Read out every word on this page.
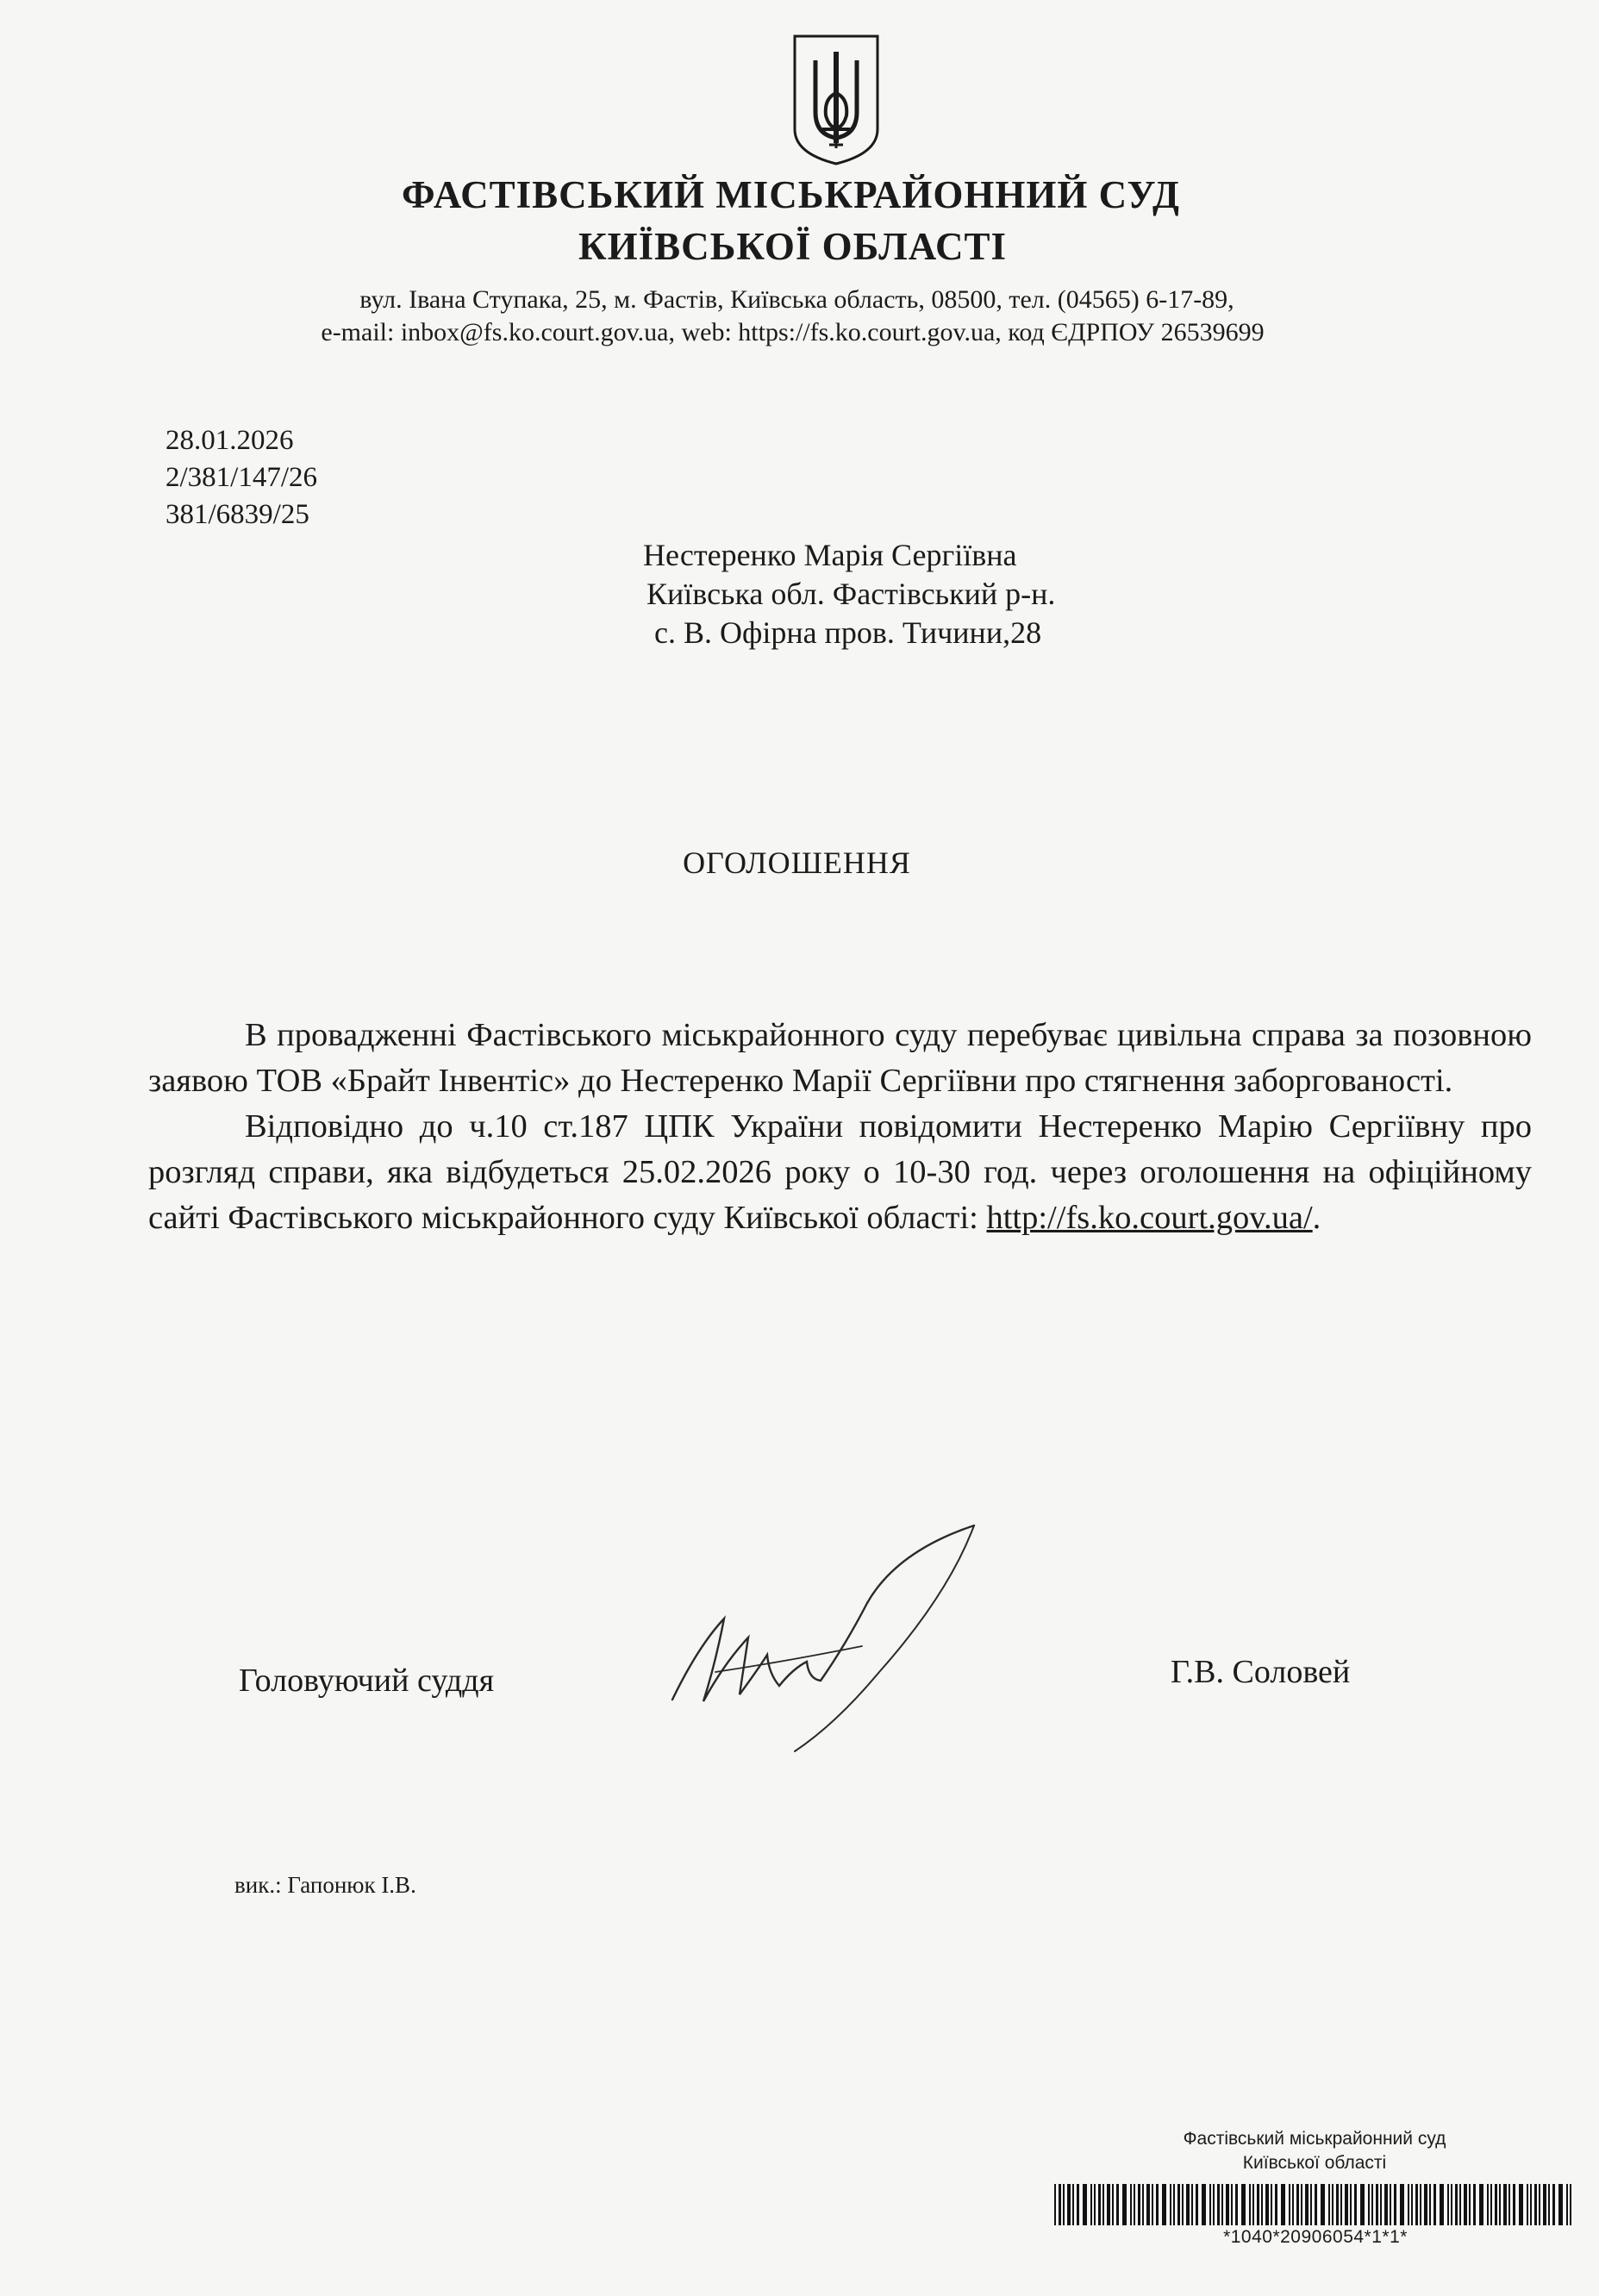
ФАСТІВСЬКИЙ МІСЬКРАЙОННИЙ СУД
КИЇВСЬКОЇ ОБЛАСТІ
вул. Івана Ступака, 25, м. Фастів, Київська область, 08500, тел. (04565) 6-17-89,
e-mail: inbox@fs.ko.court.gov.ua, web: https://fs.ko.court.gov.ua, код ЄДРПОУ 26539699
28.01.2026
2/381/147/26
381/6839/25
Нестеренко Марія Сергіївна
Київська обл. Фастівський р-н.
с. В. Офірна пров. Тичини,28
ОГОЛОШЕННЯ

В провадженні Фастівського міськрайонного суду перебуває цивільна справа за позовною заявою ТОВ «Брайт Інвентіс» до Нестеренко Марії Сергіївни про стягнення заборгованості.

Відповідно до ч.10 ст.187 ЦПК України повідомити Нестеренко Марію Сергіївну про розгляд справи, яка відбудеться 25.02.2026 року о 10-30 год. через оголошення на офіційному сайті Фастівського міськрайонного суду Київської області: http://fs.ko.court.gov.ua/.

Головуючий суддя	Г.В. Соловей
вик.: Гапонюк І.В.
Фастівський міськрайонний суд
Київської області
*1040*20906054*1*1*
